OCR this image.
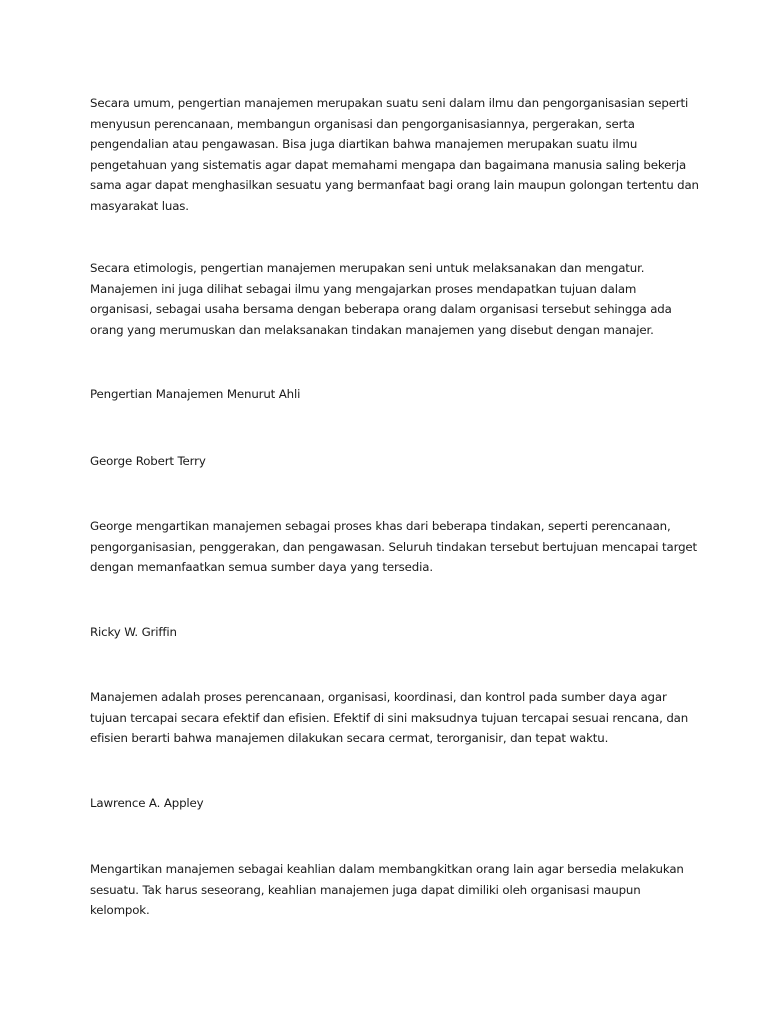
Secara umum, pengertian manajemen merupakan suatu seni dalam ilmu dan pengorganisasian seperti
menyusun perencanaan, membangun organisasi dan pengorganisasiannya, pergerakan, serta
pengendalian atau pengawasan. Bisa juga diartikan bahwa manajemen merupakan suatu ilmu
pengetahuan yang sistematis agar dapat memahami mengapa dan bagaimana manusia saling bekerja
sama agar dapat menghasilkan sesuatu yang bermanfaat bagi orang lain maupun golongan tertentu dan
masyarakat luas.

Secara etimologis, pengertian manajemen merupakan seni untuk melaksanakan dan mengatur.
Manajemen ini juga dilihat sebagai ilmu yang mengajarkan proses mendapatkan tujuan dalam
organisasi, sebagai usaha bersama dengan beberapa orang dalam organisasi tersebut sehingga ada
orang yang merumuskan dan melaksanakan tindakan manajemen yang disebut dengan manajer.

Pengertian Manajemen Menurut Ahli

George Robert Terry

George mengartikan manajemen sebagai proses khas dari beberapa tindakan, seperti perencanaan,
pengorganisasian, penggerakan, dan pengawasan. Seluruh tindakan tersebut bertujuan mencapai target
dengan memanfaatkan semua sumber daya yang tersedia.

Ricky W. Griffin

Manajemen adalah proses perencanaan, organisasi, koordinasi, dan kontrol pada sumber daya agar
tujuan tercapai secara efektif dan efisien. Efektif di sini maksudnya tujuan tercapai sesuai rencana, dan
efisien berarti bahwa manajemen dilakukan secara cermat, terorganisir, dan tepat waktu.

Lawrence A. Appley

Mengartikan manajemen sebagai keahlian dalam membangkitkan orang lain agar bersedia melakukan
sesuatu. Tak harus seseorang, keahlian manajemen juga dapat dimiliki oleh organisasi maupun
kelompok.
